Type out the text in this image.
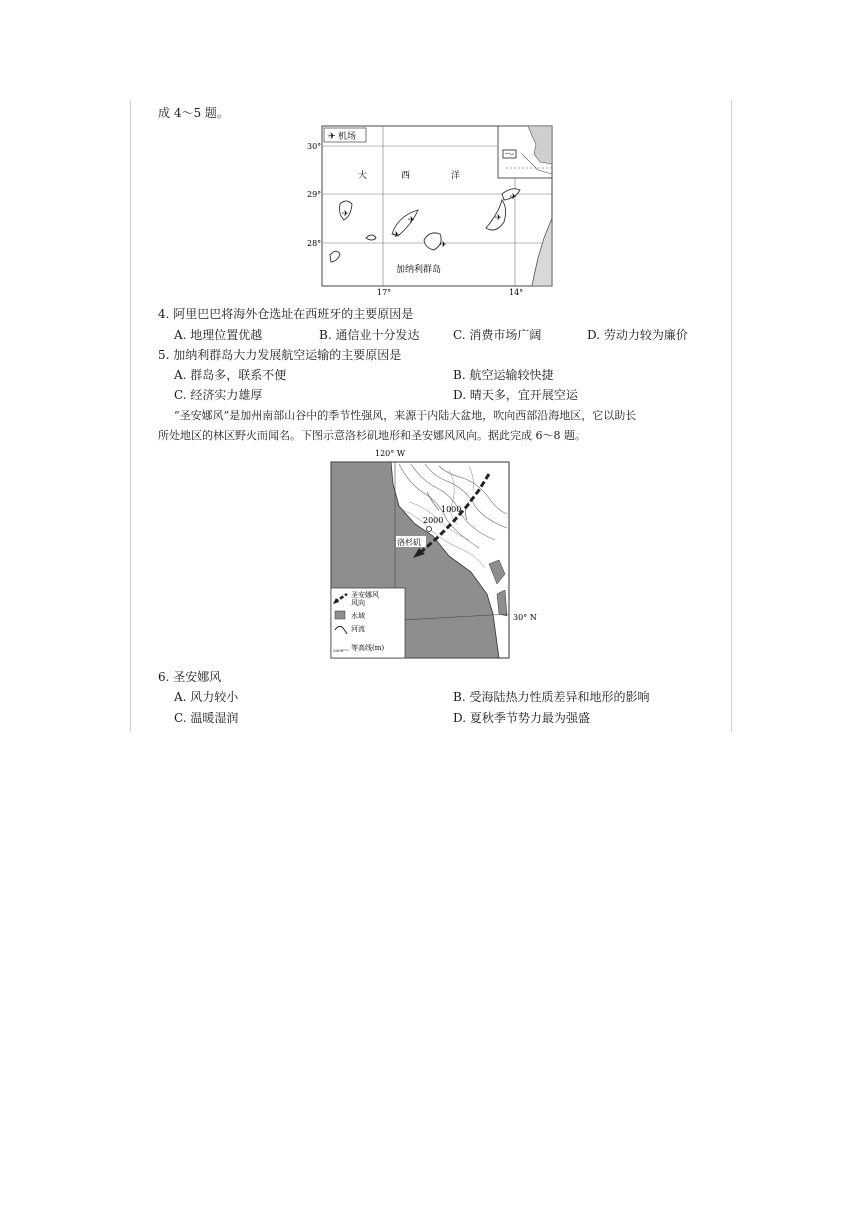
成 4～5 题。
✈ 机场
30°
29°
28°
17°	14°
大	西	洋
✈
✈
✈
✈
✈
✈
加纳利群岛
4. 阿里巴巴将海外仓选址在西班牙的主要原因是
A. 地理位置优越	B. 通信业十分发达	C. 消费市场广阔	D. 劳动力较为廉价
5. 加纳利群岛大力发展航空运输的主要原因是
A. 群岛多，联系不便	B. 航空运输较快捷
C. 经济实力雄厚	D. 晴天多，宜开展空运
“圣安娜风”是加州南部山谷中的季节性强风，来源于内陆大盆地，吹向西部沿海地区，它以助长
所处地区的林区野火而闻名。下图示意洛杉矶地形和圣安娜风风向。据此完成 6～8 题。
120° W
30° N
1000
2000
洛杉矶
圣安娜风
风向
水域
河流
2000 等高线(m)
6. 圣安娜风
A. 风力较小	B. 受海陆热力性质差异和地形的影响
C. 温暖湿润	D. 夏秋季节势力最为强盛
